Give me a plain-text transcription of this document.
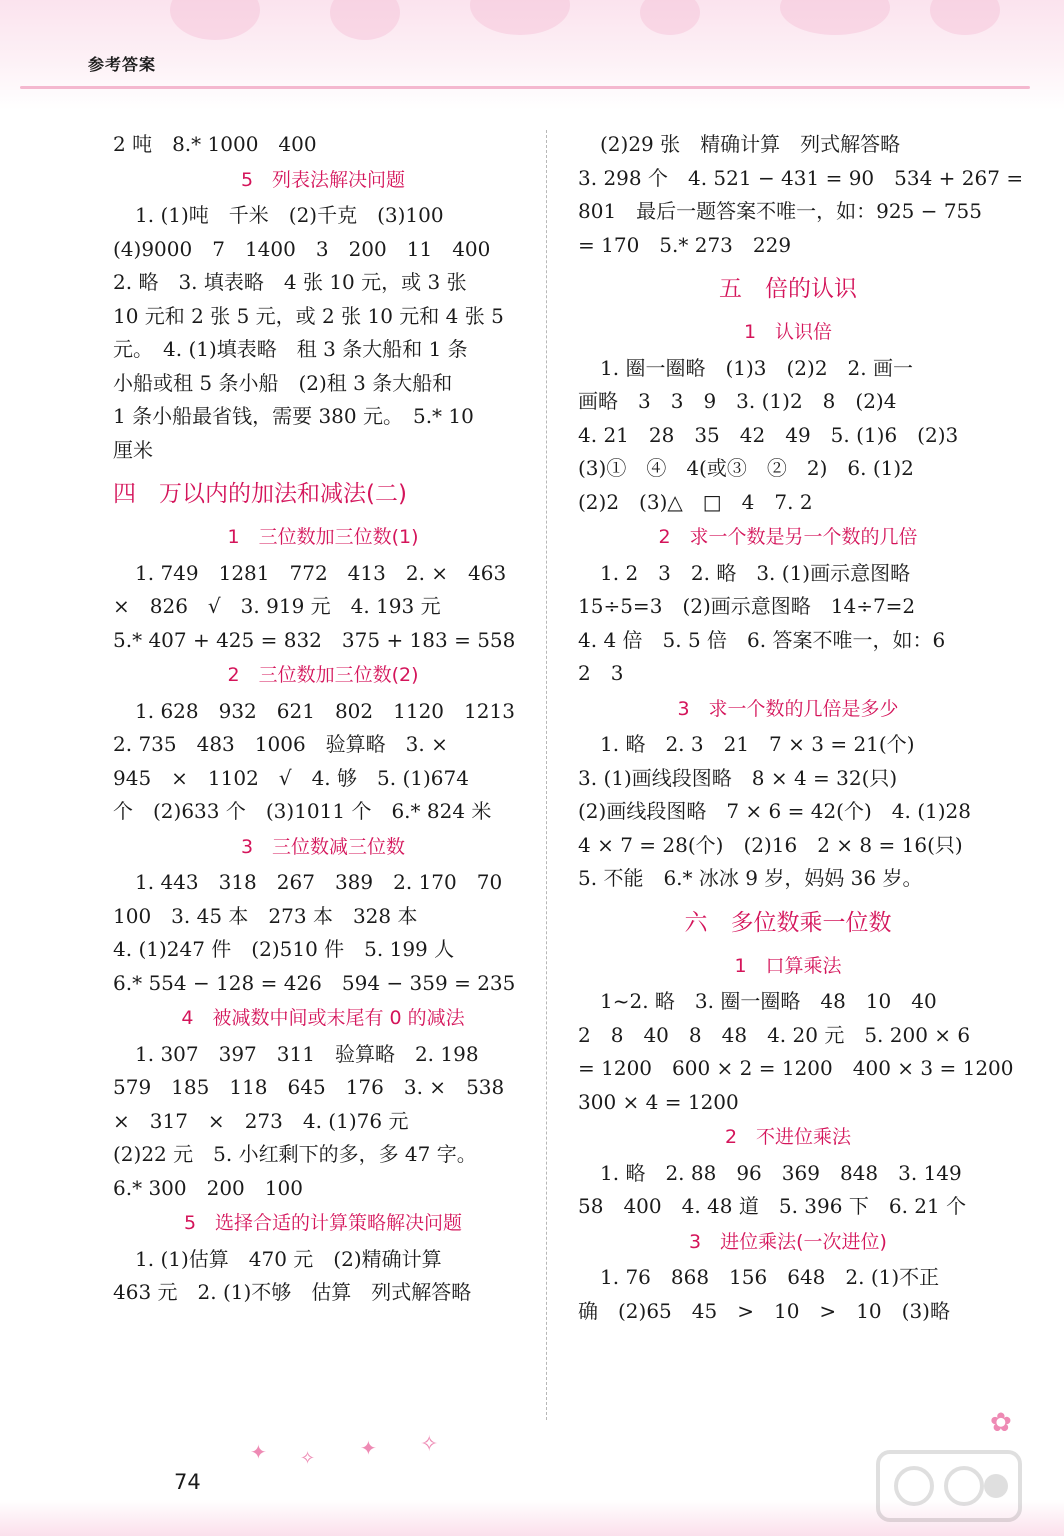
参考答案
2 吨　8.* 1000　400
5　列表法解决问题
1. (1)吨　千米　(2)千克　(3)100
(4)9000　7　1400　3　200　11　400
2. 略　3. 填表略　4 张 10 元，或 3 张
10 元和 2 张 5 元，或 2 张 10 元和 4 张 5
元。　4. (1)填表略　租 3 条大船和 1 条
小船或租 5 条小船　(2)租 3 条大船和
1 条小船最省钱，需要 380 元。　5.* 10
厘米
四　万以内的加法和减法(二)
1　三位数加三位数(1)
1. 749　1281　772　413　2. ×　463
×　826　√　3. 919 元　4. 193 元
5.* 407 + 425 = 832　375 + 183 = 558
2　三位数加三位数(2)
1. 628　932　621　802　1120　1213
2. 735　483　1006　验算略　3. ×
945　×　1102　√　4. 够　5. (1)674
个　(2)633 个　(3)1011 个　6.* 824 米
3　三位数减三位数
1. 443　318　267　389　2. 170　70
100　3. 45 本　273 本　328 本
4. (1)247 件　(2)510 件　5. 199 人
6.* 554 − 128 = 426　594 − 359 = 235
4　被减数中间或末尾有 0 的减法
1. 307　397　311　验算略　2. 198
579　185　118　645　176　3. ×　538
×　317　×　273　4. (1)76 元
(2)22 元　5. 小红剩下的多，多 47 字。
6.* 300　200　100
5　选择合适的计算策略解决问题
1. (1)估算　470 元　(2)精确计算
463 元　2. (1)不够　估算　列式解答略
(2)29 张　精确计算　列式解答略
3. 298 个　4. 521 − 431 = 90　534 + 267 =
801　最后一题答案不唯一，如：925 − 755
= 170　5.* 273　229
五　倍的认识
1　认识倍
1. 圈一圈略　(1)3　(2)2　2. 画一
画略　3　3　9　3. (1)2　8　(2)4
4. 21　28　35　42　49　5. (1)6　(2)3
(3)①　④　4(或③　②　2)　6. (1)2
(2)2　(3)△　□　4　7. 2
2　求一个数是另一个数的几倍
1. 2　3　2. 略　3. (1)画示意图略
15÷5=3　(2)画示意图略　14÷7=2
4. 4 倍　5. 5 倍　6. 答案不唯一，如：6
2　3
3　求一个数的几倍是多少
1. 略　2. 3　21　7 × 3 = 21(个)
3. (1)画线段图略　8 × 4 = 32(只)
(2)画线段图略　7 × 6 = 42(个)　4. (1)28
4 × 7 = 28(个)　(2)16　2 × 8 = 16(只)
5. 不能　6.* 冰冰 9 岁，妈妈 36 岁。
六　多位数乘一位数
1　口算乘法
1~2. 略　3. 圈一圈略　48　10　40
2　8　40　8　48　4. 20 元　5. 200 × 6
= 1200　600 × 2 = 1200　400 × 3 = 1200
300 × 4 = 1200
2　不进位乘法
1. 略　2. 88　96　369　848　3. 149
58　400　4. 48 道　5. 396 下　6. 21 个
3　进位乘法(一次进位)
1. 76　868　156　648　2. (1)不正
确　(2)65　45　>　10　>　10　(3)略
✿
✦ ✧ ✦ ✧
74
